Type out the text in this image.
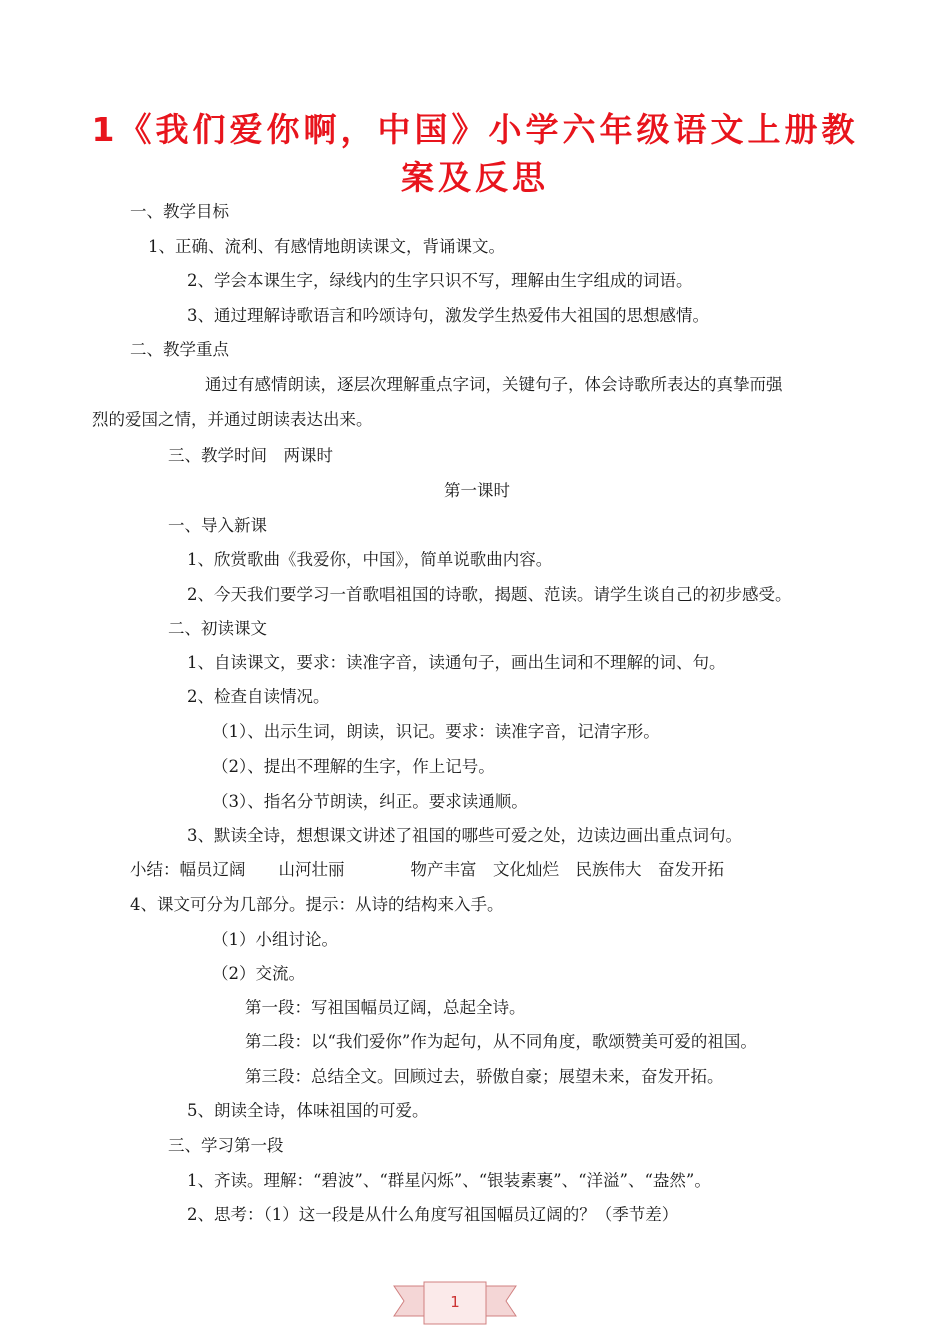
1《我们爱你啊，中国》小学六年级语文上册教
案及反思
一、教学目标
1、正确、流利、有感情地朗读课文，背诵课文。
2、学会本课生字，绿线内的生字只识不写，理解由生字组成的词语。
3、通过理解诗歌语言和吟颂诗句，激发学生热爱伟大祖国的思想感情。
二、教学重点
通过有感情朗读，逐层次理解重点字词，关键句子，体会诗歌所表达的真挚而强
烈的爱国之情，并通过朗读表达出来。
三、教学时间　两课时
第一课时
一、导入新课
1、欣赏歌曲《我爱你，中国》，简单说歌曲内容。
2、今天我们要学习一首歌唱祖国的诗歌，揭题、范读。请学生谈自己的初步感受。
二、初读课文
1、自读课文，要求：读准字音，读通句子，画出生词和不理解的词、句。
2、检查自读情况。
（1）、出示生词，朗读，识记。要求：读准字音，记清字形。
（2）、提出不理解的生字，作上记号。
（3）、指名分节朗读，纠正。要求读通顺。
3、默读全诗，想想课文讲述了祖国的哪些可爱之处，边读边画出重点词句。
小结：幅员辽阔　　山河壮丽　　　　物产丰富　文化灿烂　民族伟大　奋发开拓
4、课文可分为几部分。提示：从诗的结构来入手。
（1）小组讨论。
（2）交流。
第一段：写祖国幅员辽阔，总起全诗。
第二段：以“我们爱你”作为起句，从不同角度，歌颂赞美可爱的祖国。
第三段：总结全文。回顾过去，骄傲自豪；展望未来，奋发开拓。
5、朗读全诗，体味祖国的可爱。
三、学习第一段
1、齐读。理解：“碧波”、“群星闪烁”、“银装素裹”、“洋溢”、“盎然”。
2、思考：（1）这一段是从什么角度写祖国幅员辽阔的？（季节差）
1
